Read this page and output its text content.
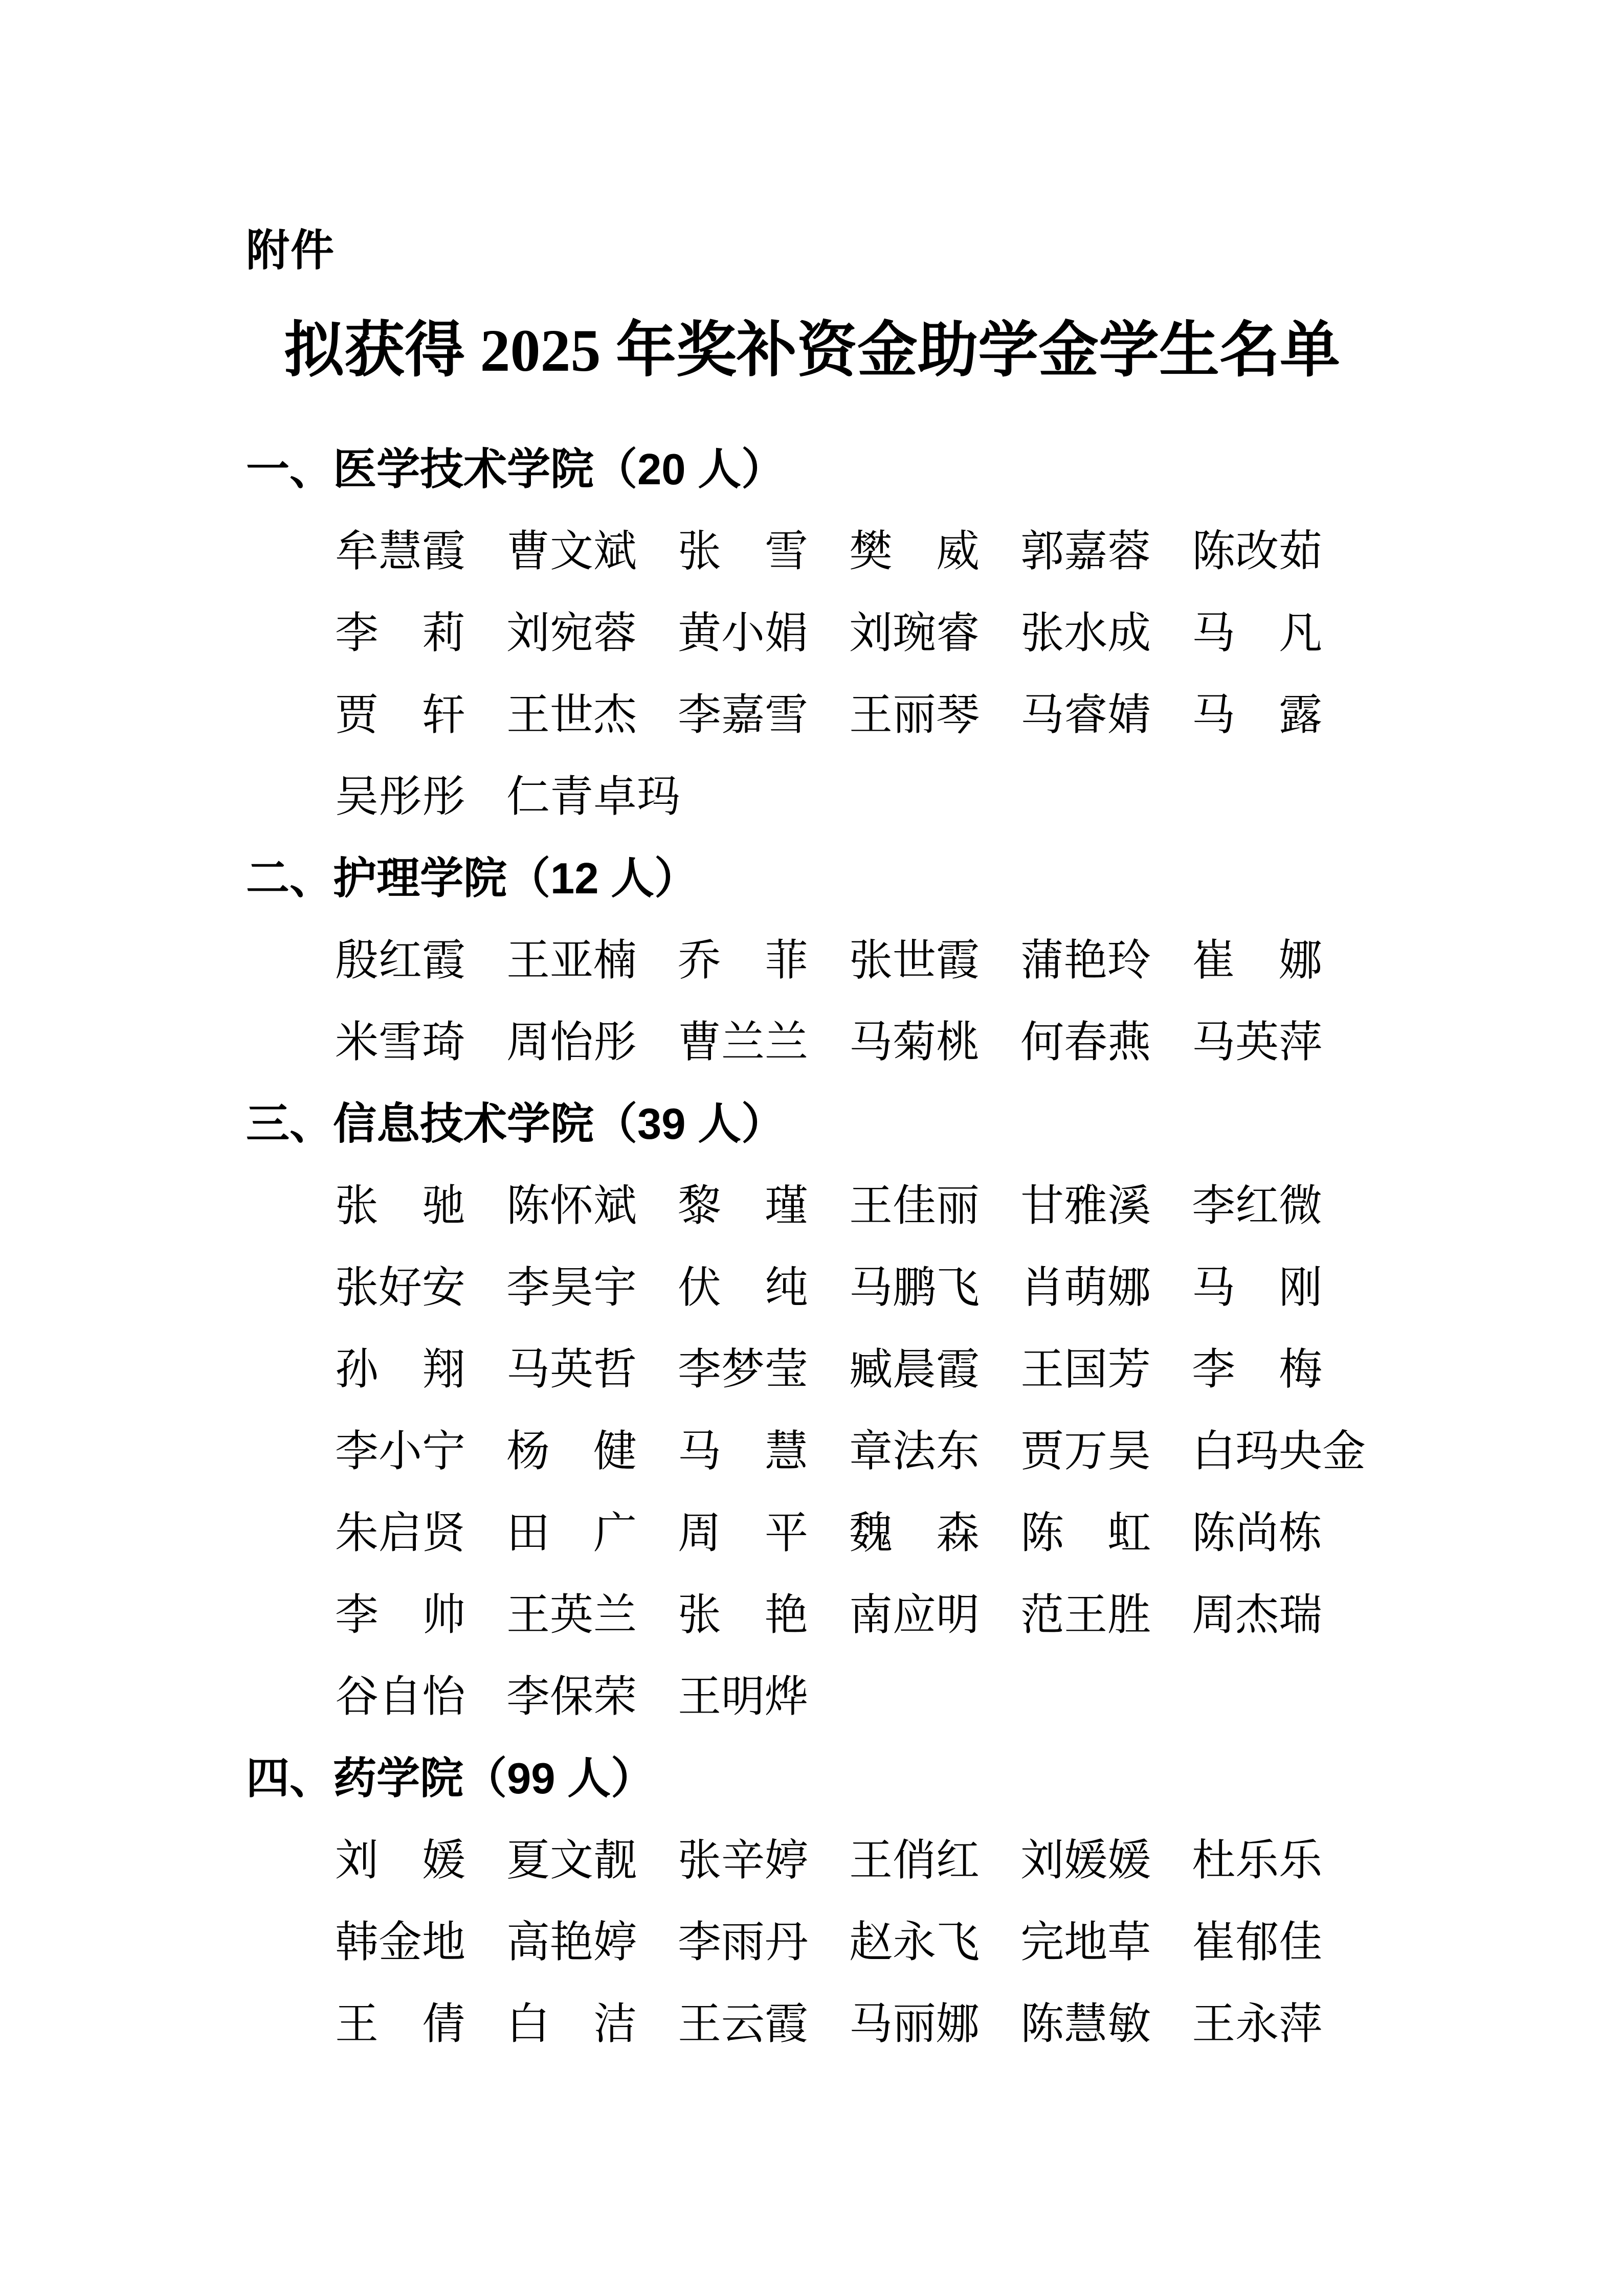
附件
拟获得 2025 年奖补资金助学金学生名单
一、医学技术学院（20 人）
牟慧霞 曹文斌 张　雪 樊　威 郭嘉蓉 陈改茹
李　莉 刘宛蓉 黄小娟 刘琬睿 张水成 马　凡
贾　轩 王世杰 李嘉雪 王丽琴 马睿婧 马　露
吴彤彤 仁青卓玛
二、护理学院（12 人）
殷红霞 王亚楠 乔　菲 张世霞 蒲艳玲 崔　娜
米雪琦 周怡彤 曹兰兰 马菊桃 何春燕 马英萍
三、信息技术学院（39 人）
张　驰 陈怀斌 黎　瑾 王佳丽 甘雅溪 李红微
张好安 李昊宇 伏　纯 马鹏飞 肖萌娜 马　刚
孙　翔 马英哲 李梦莹 臧晨霞 王国芳 李　梅
李小宁 杨　健 马　慧 章法东 贾万昊 白玛央金
朱启贤 田　广 周　平 魏　森 陈　虹 陈尚栋
李　帅 王英兰 张　艳 南应明 范王胜 周杰瑞
谷自怡 李保荣 王明烨
四、药学院（99 人）
刘　媛 夏文靓 张辛婷 王俏红 刘媛媛 杜乐乐
韩金地 高艳婷 李雨丹 赵永飞 完地草 崔郁佳
王　倩 白　洁 王云霞 马丽娜 陈慧敏 王永萍
